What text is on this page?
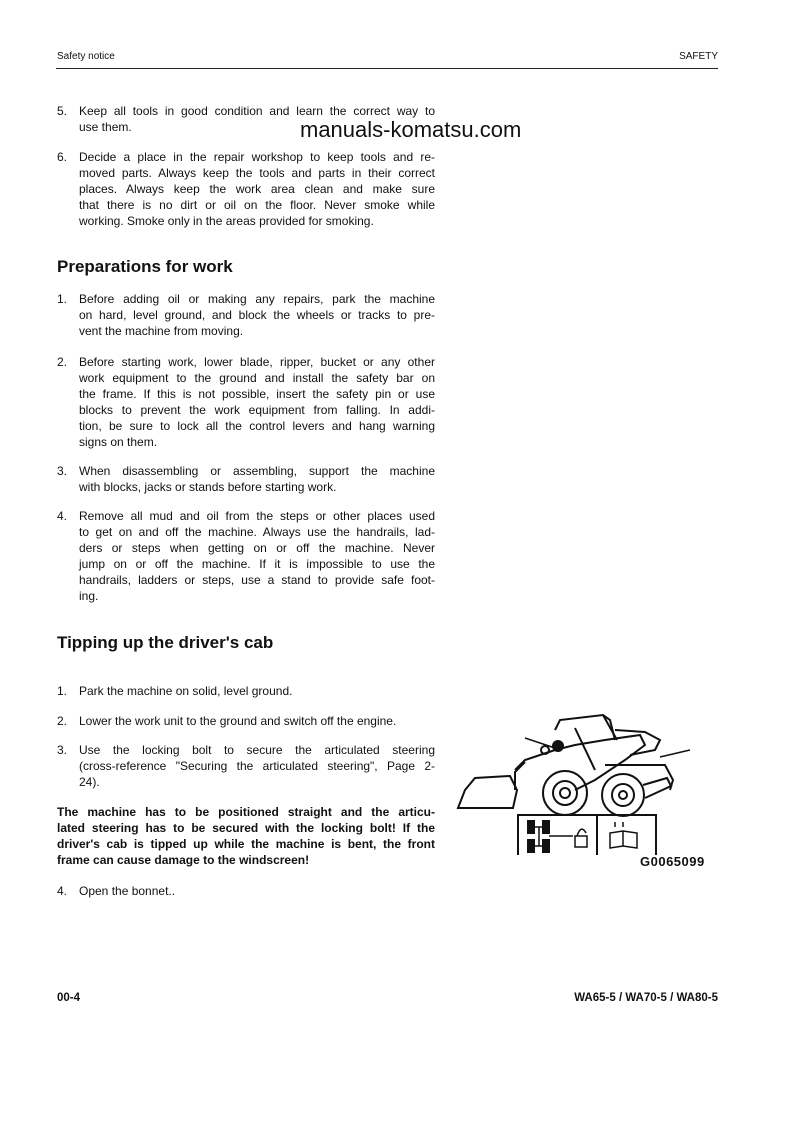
Safety notice	SAFETY
manuals-komatsu.com
5. Keep all tools in good condition and learn the correct way to
use them.
6. Decide a place in the repair workshop to keep tools and re-
moved parts. Always keep the tools and parts in their correct
places. Always keep the work area clean and make sure
that there is no dirt or oil on the floor. Never smoke while
working. Smoke only in the areas provided for smoking.
Preparations for work
1. Before adding oil or making any repairs, park the machine
on hard, level ground, and block the wheels or tracks to pre-
vent the machine from moving.
2. Before starting work, lower blade, ripper, bucket or any other
work equipment to the ground and install the safety bar on
the frame. If this is not possible, insert the safety pin or use
blocks to prevent the work equipment from falling. In addi-
tion, be sure to lock all the control levers and hang warning
signs on them.
3. When disassembling or assembling, support the machine
with blocks, jacks or stands before starting work.
4. Remove all mud and oil from the steps or other places used
to get on and off the machine. Always use the handrails, lad-
ders or steps when getting on or off the machine. Never
jump on or off the machine. If it is impossible to use the
handrails, ladders or steps, use a stand to provide safe foot-
ing.
Tipping up the driver's cab
1. Park the machine on solid, level ground.
2. Lower the work unit to the ground and switch off the engine.
3. Use the locking bolt to secure the articulated steering
(cross-reference "Securing the articulated steering", Page 2-
24).
The machine has to be positioned straight and the articu-
lated steering has to be secured with the locking bolt! If the
driver's cab is tipped up while the machine is bent, the front
frame can cause damage to the windscreen!
4. Open the bonnet..
G0065099
00-4	WA65-5 / WA70-5 / WA80-5
